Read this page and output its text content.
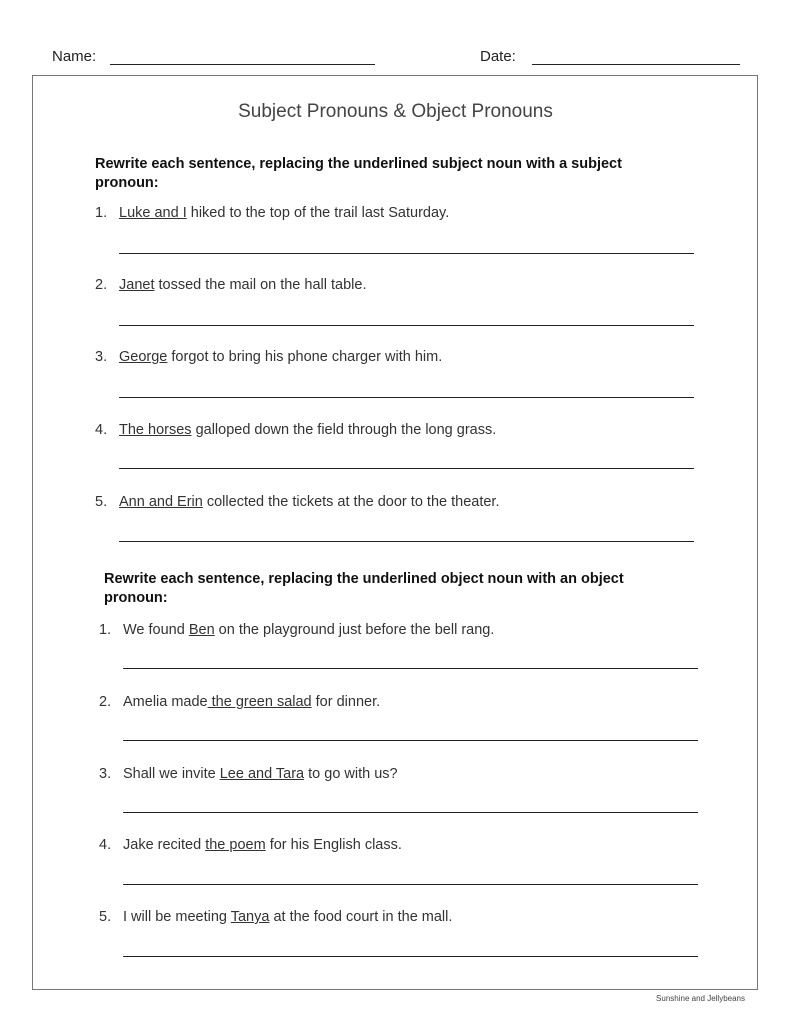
Name:	Date:
Subject Pronouns & Object Pronouns
Rewrite each sentence, replacing the underlined subject noun with a subject pronoun:
Rewrite each sentence, replacing the underlined object noun with an object pronoun:
Sunshine and Jellybeans
1. Luke and I hiked to the top of the trail last Saturday.
2. Janet tossed the mail on the hall table.
3. George forgot to bring his phone charger with him.
4. The horses galloped down the field through the long grass.
5. Ann and Erin collected the tickets at the door to the theater.
1. We found Ben on the playground just before the bell rang.
2. Amelia made the green salad for dinner.
3. Shall we invite Lee and Tara to go with us?
4. Jake recited the poem for his English class.
5. I will be meeting Tanya at the food court in the mall.
